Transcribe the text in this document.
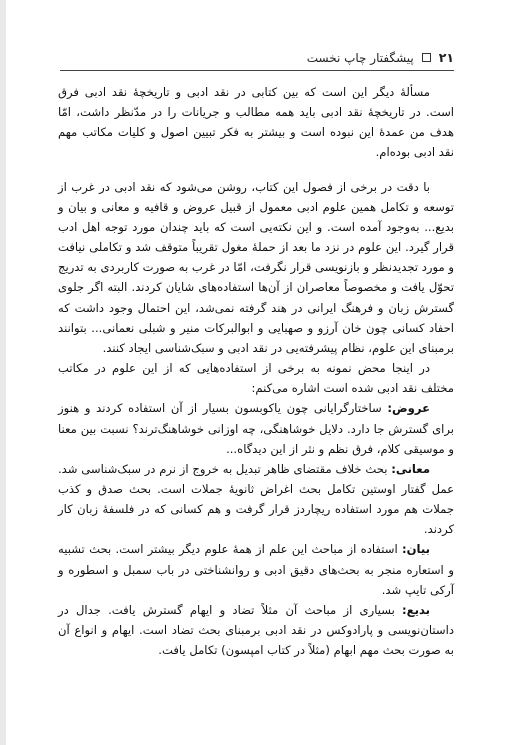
۲۱
پیشگفتار چاپ نخست

مسألهٔ دیگر این است که بین کتابی در نقد ادبی و تاریخچهٔ نقد ادبی فرق است. در تاریخچهٔ نقد ادبی باید همه مطالب و جریانات را در مدّنظر داشت، امّا هدف من عمدهٔ این نبوده است و بیشتر به فکر تبیین اصول و کلیات مکاتب مهم نقد ادبی بوده‌ام.

با دقت در برخی از فصول این کتاب، روشن می‌شود که نقد ادبی در غرب از توسعه و تکامل همین علوم ادبی معمول از قبیل عروض و قافیه و معانی و بیان و بدیع... به‌وجود آمده است. و این نکته‌یی است که باید چندان مورد توجه اهل ادب قرار گیرد. این علوم در نزد ما بعد از حملهٔ مغول تقریباً متوقف شد و تکاملی نیافت و مورد تجدیدنظر و بازنویسی قرار نگرفت، امّا در غرب به صورت کاربردی به تدریج تحوّل یافت و مخصوصاً معاصران از آن‌ها استفاده‌های شایان کردند. البته اگر جلوی گسترش زبان و فرهنگ ایرانی در هند گرفته نمی‌شد، این احتمال وجود داشت که احفاد کسانی چون خان آرزو و صهبایی و ابوالبرکات منیر و شبلی نعمانی... بتوانند برمبنای این علوم، نظام پیشرفته‌یی در نقد ادبی و سبک‌شناسی ایجاد کنند.

در اینجا محض نمونه به برخی از استفاده‌هایی که از این علوم در مکاتب مختلف نقد ادبی شده است اشاره می‌کنم:

عروض: ساختارگرایانی چون یاکوبسون بسیار از آن استفاده کردند و هنوز برای گسترش جا دارد. دلایل خوشاهنگی، چه اوزانی خوشاهنگ‌ترند؟ نسبت بین معنا و موسیقی کلام، فرق نظم و نثر از این دیدگاه...

معانی: بحث خلاف مقتضای ظاهر تبدیل به خروج از نرم در سبک‌شناسی شد. عمل گفتار اوستین تکامل بحث اغراض ثانویهٔ جملات است. بحث صدق و کذب جملات هم مورد استفاده ریچاردز قرار گرفت و هم کسانی که در فلسفهٔ زبان کار کردند.

بیان: استفاده از مباحث این علم از همهٔ علوم دیگر بیشتر است. بحث تشبیه و استعاره منجر به بحث‌های دقیق ادبی و روانشناختی در باب سمبل و اسطوره و آرکی تایپ شد.

بدیع: بسیاری از مباحث آن مثلاً تضاد و ایهام گسترش یافت. جدال در داستان‌نویسی و پارادوکس در نقد ادبی برمبنای بحث تضاد است. ایهام و انواع آن به صورت بحث مهم ابهام (مثلاً در کتاب امپسون) تکامل یافت.
